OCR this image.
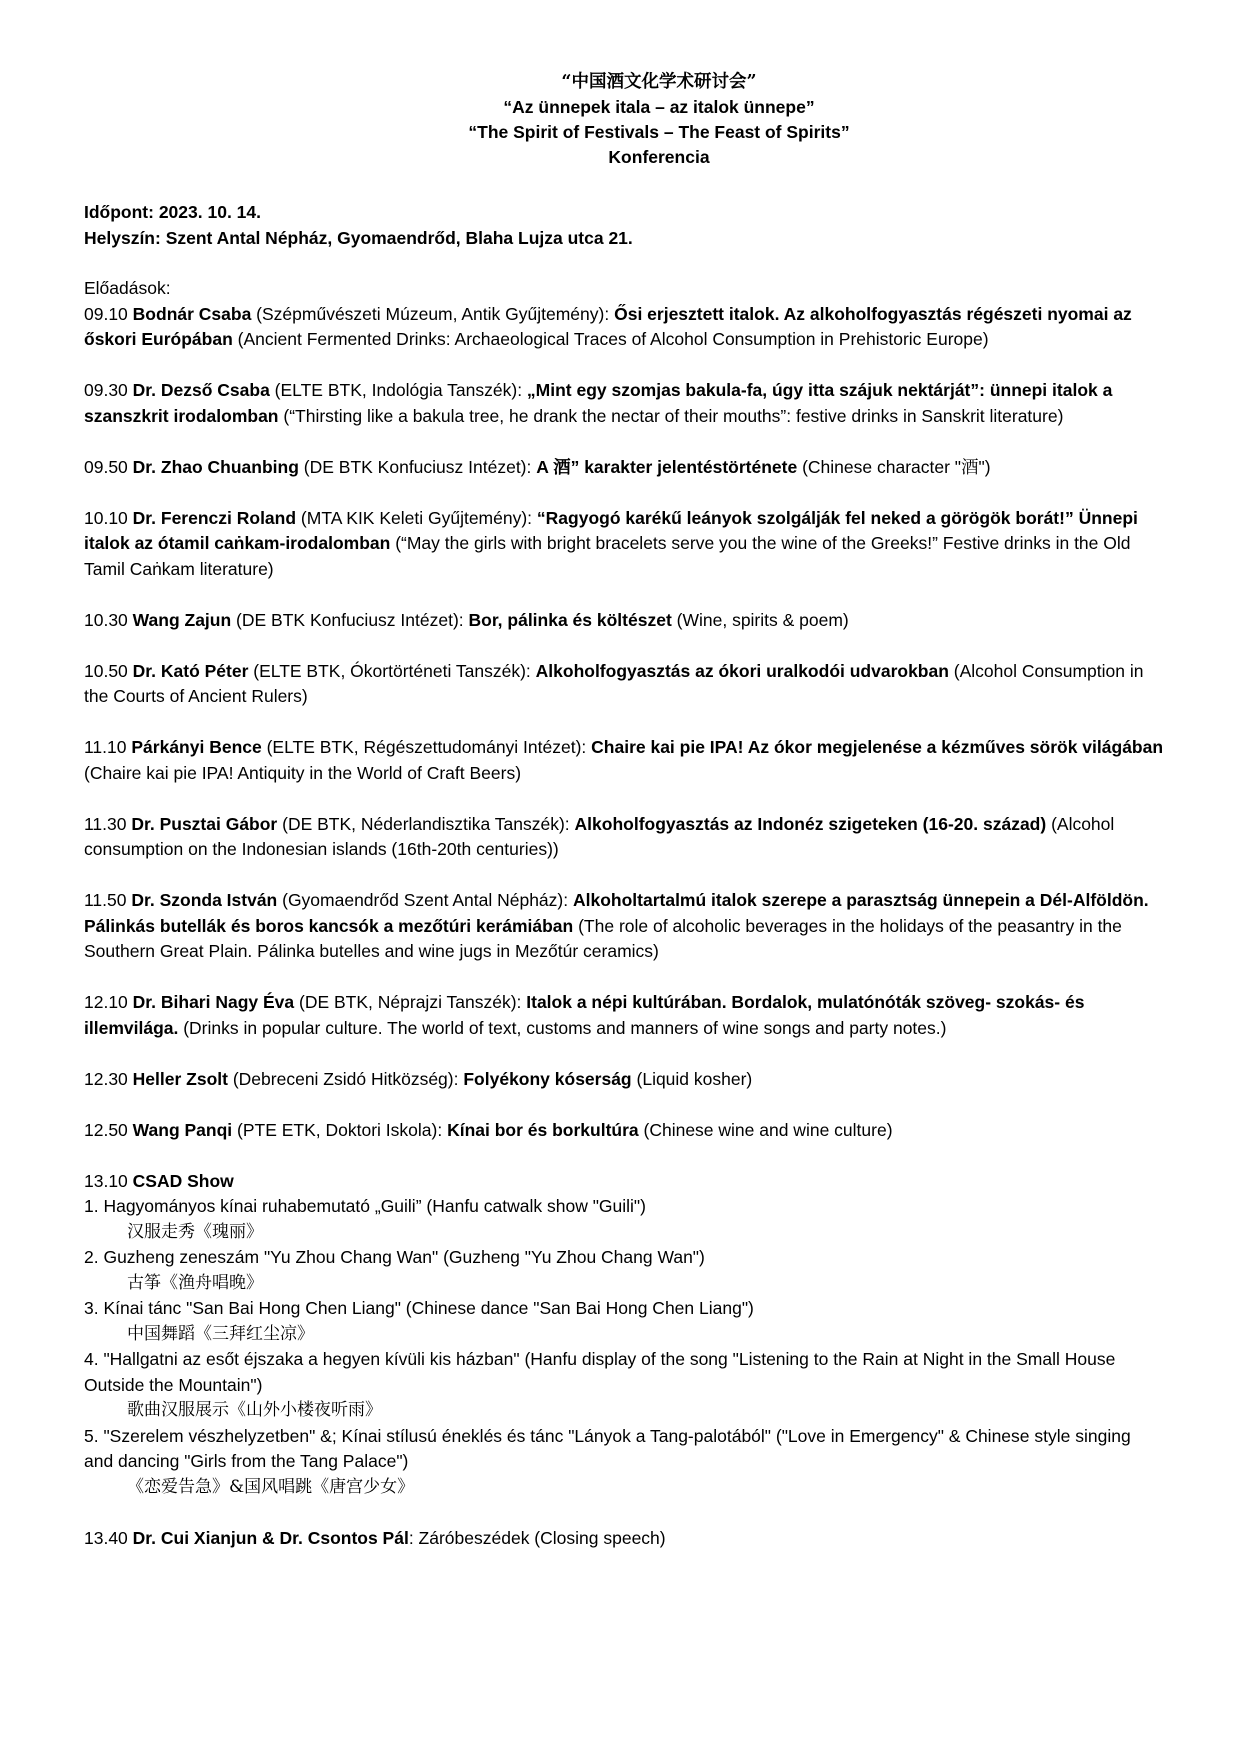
“中国酒文化学术研讨会”
“Az ünnepek itala – az italok ünnepe”
“The Spirit of Festivals – The Feast of Spirits”
Konferencia
Időpont: 2023. 10. 14.
Helyszín: Szent Antal Népház, Gyomaendrőd, Blaha Lujza utca 21.
Előadások:

09.10 Bodnár Csaba (Szépművészeti Múzeum, Antik Gyűjtemény): Ősi erjesztett italok. Az alkoholfogyasztás régészeti nyomai az őskori Európában (Ancient Fermented Drinks: Archaeological Traces of Alcohol Consumption in Prehistoric Europe)

09.30 Dr. Dezső Csaba (ELTE BTK, Indológia Tanszék): „Mint egy szomjas bakula-fa, úgy itta szájuk nektárját”: ünnepi italok a szanszkrit irodalomban (“Thirsting like a bakula tree, he drank the nectar of their mouths”: festive drinks in Sanskrit literature)

09.50 Dr. Zhao Chuanbing (DE BTK Konfuciusz Intézet): A 酒” karakter jelentéstörténete (Chinese character "酒")

10.10 Dr. Ferenczi Roland (MTA KIK Keleti Gyűjtemény): “Ragyogó karékű leányok szolgálják fel neked a görögök borát!” Ünnepi italok az ótamil caṅkam-irodalomban (“May the girls with bright bracelets serve you the wine of the Greeks!” Festive drinks in the Old Tamil Caṅkam literature)

10.30 Wang Zajun (DE BTK Konfuciusz Intézet): Bor, pálinka és költészet (Wine, spirits & poem)

10.50 Dr. Kató Péter (ELTE BTK, Ókortörténeti Tanszék): Alkoholfogyasztás az ókori uralkodói udvarokban (Alcohol Consumption in the Courts of Ancient Rulers)

11.10 Párkányi Bence (ELTE BTK, Régészettudományi Intézet): Chaire kai pie IPA! Az ókor megjelenése a kézműves sörök világában (Chaire kai pie IPA! Antiquity in the World of Craft Beers)

11.30 Dr. Pusztai Gábor (DE BTK, Néderlandisztika Tanszék): Alkoholfogyasztás az Indonéz szigeteken (16-20. század) (Alcohol consumption on the Indonesian islands (16th-20th centuries))

11.50 Dr. Szonda István (Gyomaendrőd Szent Antal Népház): Alkoholtartalmú italok szerepe a parasztság ünnepein a Dél-Alföldön. Pálinkás butellák és boros kancsók a mezőtúri kerámiában (The role of alcoholic beverages in the holidays of the peasantry in the Southern Great Plain. Pálinka butelles and wine jugs in Mezőtúr ceramics)

12.10 Dr. Bihari Nagy Éva (DE BTK, Néprajzi Tanszék): Italok a népi kultúrában. Bordalok, mulatónóták szöveg- szokás- és illemvilága. (Drinks in popular culture. The world of text, customs and manners of wine songs and party notes.)

12.30 Heller Zsolt (Debreceni Zsidó Hitközség): Folyékony kóserság (Liquid kosher)

12.50 Wang Panqi (PTE ETK, Doktori Iskola): Kínai bor és borkultúra (Chinese wine and wine culture)

13.10 CSAD Show
1. Hagyományos kínai ruhabemutató „Guili” (Hanfu catwalk show "Guili")
汉服走秀《瑰丽》
2. Guzheng zeneszám "Yu Zhou Chang Wan" (Guzheng "Yu Zhou Chang Wan")
古筝《渔舟唱晚》
3. Kínai tánc "San Bai Hong Chen Liang" (Chinese dance "San Bai Hong Chen Liang")
中国舞蹈《三拜红尘凉》
4. "Hallgatni az esőt éjszaka a hegyen kívüli kis házban" (Hanfu display of the song "Listening to the Rain at Night in the Small House Outside the Mountain")
歌曲汉服展示《山外小楼夜听雨》
5. "Szerelem vészhelyzetben" &; Kínai stílusú éneklés és tánc "Lányok a Tang-palotából" ("Love in Emergency" & Chinese style singing and dancing "Girls from the Tang Palace")
《恋爱告急》&国风唱跳《唐宫少女》

13.40 Dr. Cui Xianjun & Dr. Csontos Pál: Záróbeszédek (Closing speech)
